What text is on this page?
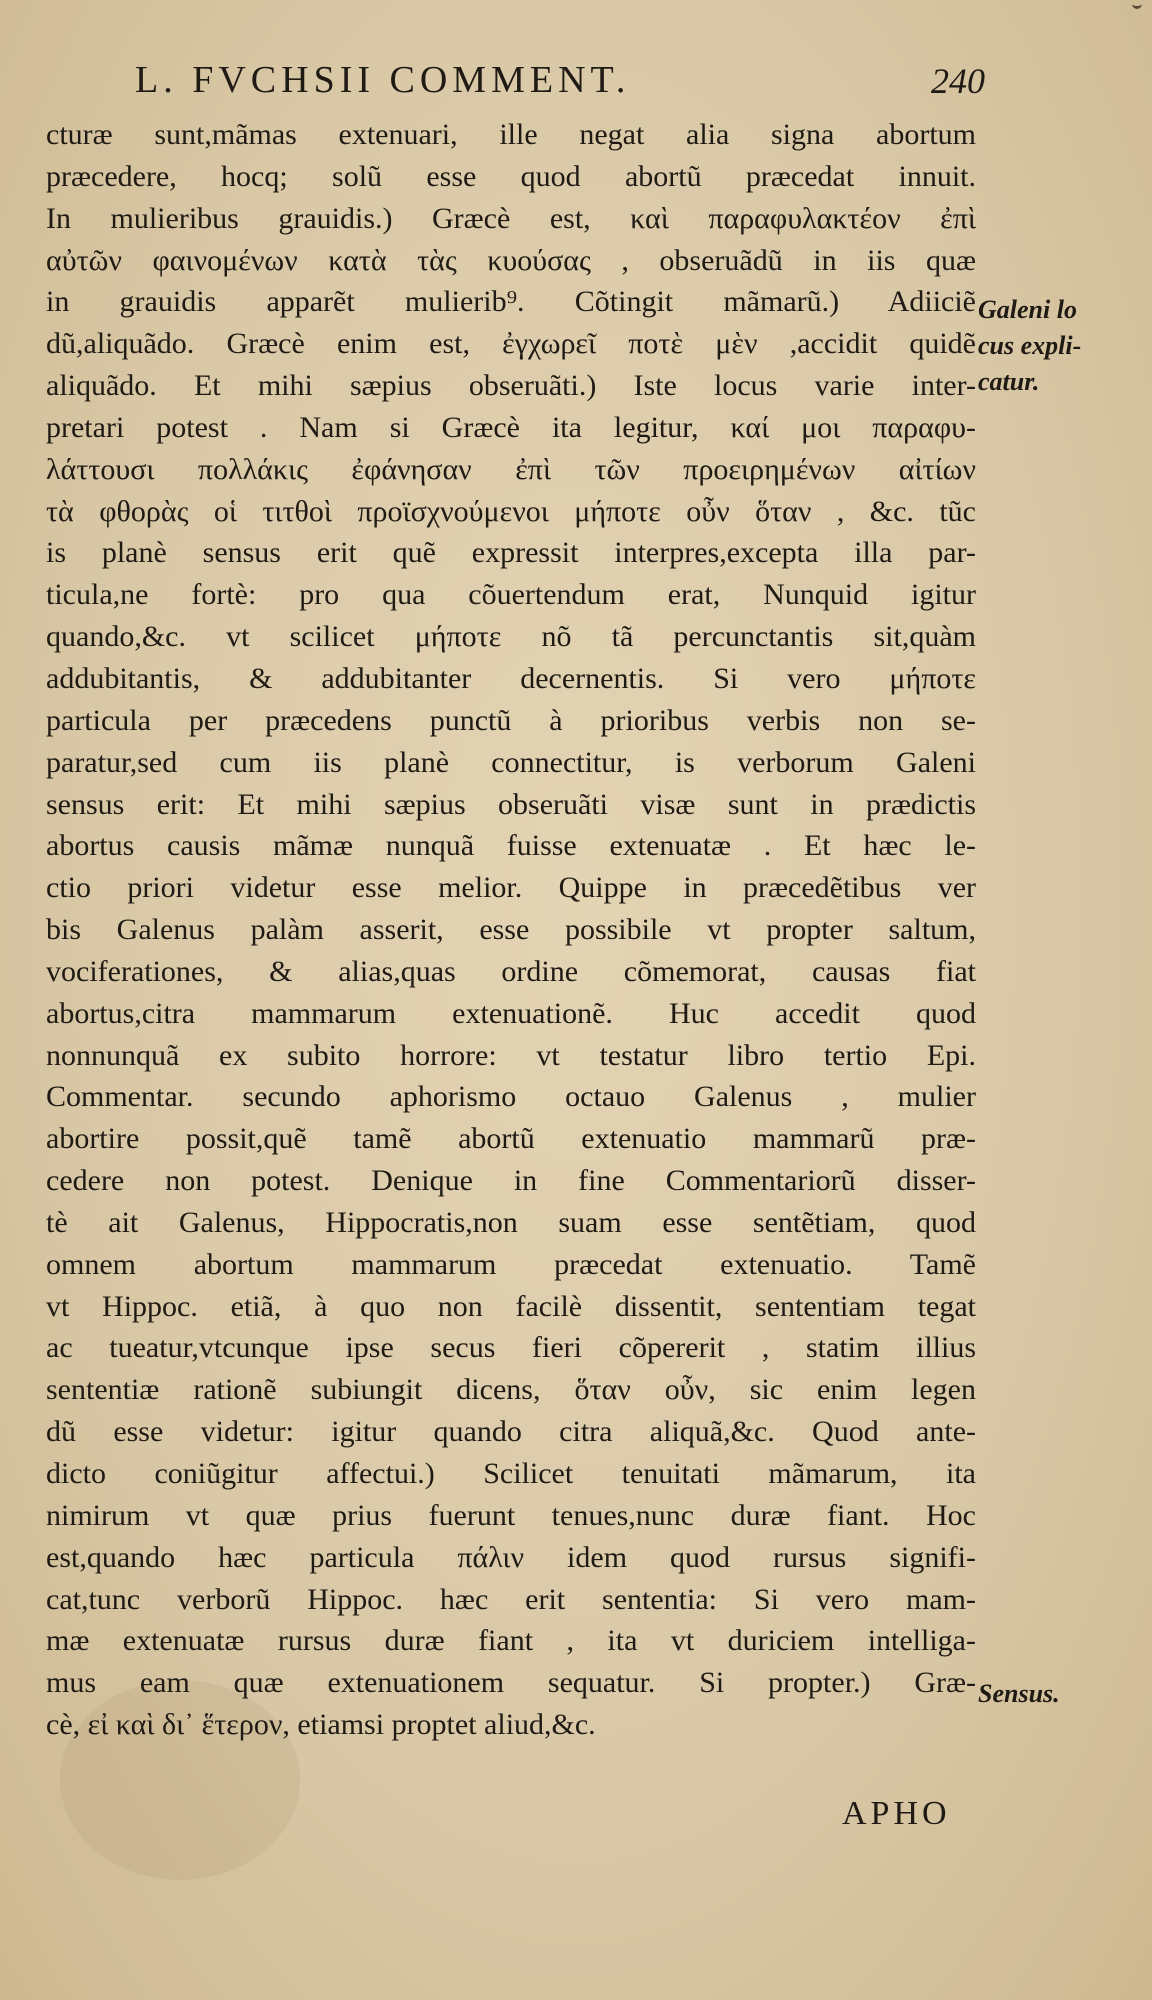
L. FVCHSII COMMENT.	240
cturæ sunt,mãmas extenuari, ille negat alia signa abortum
præcedere, hocq; solũ esse quod abortũ præcedat innuit.
In mulieribus grauidis.) Græcè est, καὶ παραφυλακτέον ἐπὶ
αὐτῶν φαινομένων κατὰ τὰς κυούσας , obseruãdũ in iis quæ
in grauidis apparẽt mulierib⁹. Cõtingit mãmarũ.) Adiiciẽ
dũ,aliquãdo. Græcè enim est, ἐγχωρεῖ ποτὲ μὲν ,accidit quidẽ
aliquãdo. Et mihi sæpius obseruãti.) Iste locus varie inter-
pretari potest . Nam si Græcè ita legitur, καί μοι παραφυ-
λάττουσι πολλάκις ἐφάνησαν ἐπὶ τῶν προειρημένων αἰτίων
τὰ φθορὰς οἱ τιτθοὶ προϊσχνούμενοι μήποτε οὖν ὅταν , &c. tũc
is planè sensus erit quẽ expressit interpres,excepta illa par-
ticula,ne fortè: pro qua cõuertendum erat, Nunquid igitur
quando,&c. vt scilicet μήποτε nõ tã percunctantis sit,quàm
addubitantis, & addubitanter decernentis. Si vero μήποτε
particula per præcedens punctũ à prioribus verbis non se-
paratur,sed cum iis planè connectitur, is verborum Galeni
sensus erit: Et mihi sæpius obseruãti visæ sunt in prædictis
abortus causis mãmæ nunquã fuisse extenuatæ . Et hæc le-
ctio priori videtur esse melior. Quippe in præcedẽtibus ver
bis Galenus palàm asserit, esse possibile vt propter saltum,
vociferationes, & alias,quas ordine cõmemorat, causas fiat
abortus,citra mammarum extenuationẽ. Huc accedit quod
nonnunquã ex subito horrore: vt testatur libro tertio Epi.
Commentar. secundo aphorismo octauo Galenus , mulier
abortire possit,quẽ tamẽ abortũ extenuatio mammarũ præ-
cedere non potest. Denique in fine Commentariorũ disser-
tè ait Galenus, Hippocratis,non suam esse sentẽtiam, quod
omnem abortum mammarum præcedat extenuatio. Tamẽ
vt Hippoc. etiã, à quo non facilè dissentit, sententiam tegat
ac tueatur,vtcunque ipse secus fieri cõpererit , statim illius
sententiæ rationẽ subiungit dicens, ὅταν οὖν, sic enim legen
dũ esse videtur: igitur quando citra aliquã,&c. Quod ante-
dicto coniũgitur affectui.) Scilicet tenuitati mãmarum, ita
nimirum vt quæ prius fuerunt tenues,nunc duræ fiant. Hoc
est,quando hæc particula πάλιν idem quod rursus signifi-
cat,tunc verborũ Hippoc. hæc erit sententia: Si vero mam-
mæ extenuatæ rursus duræ fiant , ita vt duriciem intelliga-
mus eam quæ extenuationem sequatur. Si propter.) Græ-
cè, εἰ καὶ δι᾽ ἕτερον, etiamsi proptet aliud,&c.
Galeni lo
cus expli-
catur.
Sensus.
APHO
